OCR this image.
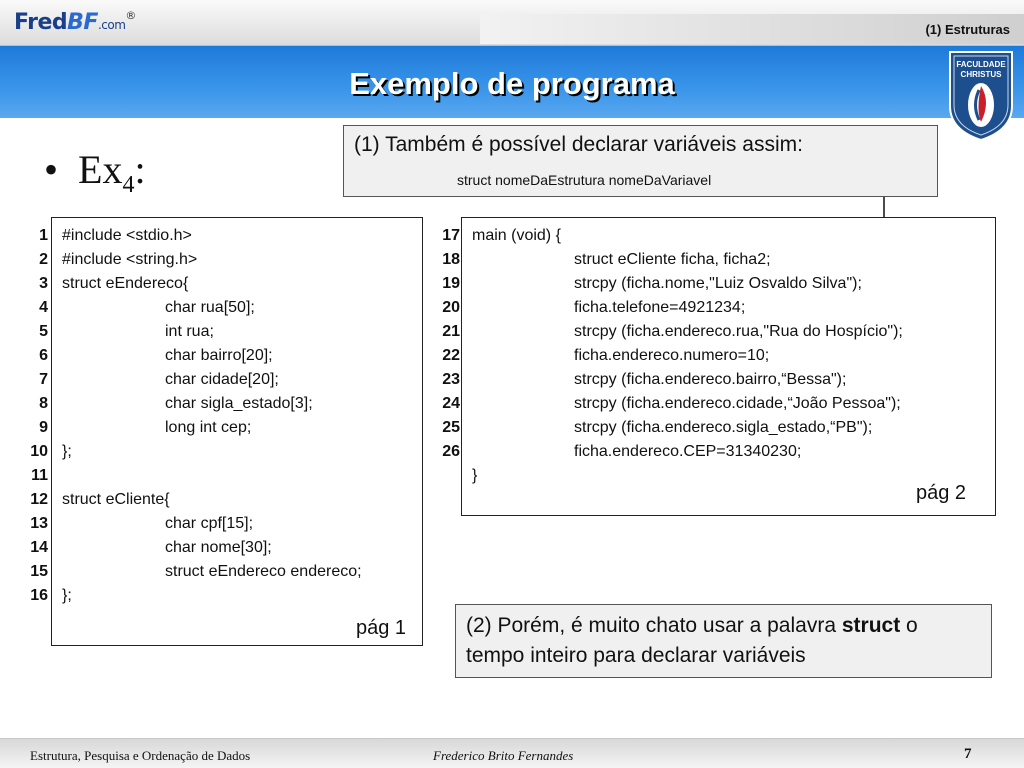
FredBF.com®
(1) Estruturas
Exemplo de programa
FACULDADE
CHRISTUS
• $Ex_4$:
(1) Também é possível declarar variáveis assim:
struct nomeDaEstrutura nomeDaVariavel
1 #include <stdio.h>
2 #include <string.h>
3 struct eEndereco{
4	char rua[50];
5	int rua;
6	char bairro[20];
7	char cidade[20];
8	char sigla_estado[3];
9	long int cep;
10 };
11
12 struct eCliente{
13	char cpf[15];
14	char nome[30];
15	struct eEndereco endereco;
16 };
pág 1
17 main (void) {
18	struct eCliente ficha, ficha2;
19	strcpy (ficha.nome,"Luiz Osvaldo Silva");
20	ficha.telefone=4921234;
21	strcpy (ficha.endereco.rua,"Rua do Hospício");
22	ficha.endereco.numero=10;
23	strcpy (ficha.endereco.bairro,“Bessa");
24	strcpy (ficha.endereco.cidade,“João Pessoa");
25	strcpy (ficha.endereco.sigla_estado,“PB");
26	ficha.endereco.CEP=31340230;
}
pág 2
(2) Porém, é muito chato usar a palavra struct o tempo inteiro para declarar variáveis
Estrutura, Pesquisa e Ordenação de Dados	Frederico Brito Fernandes	7
